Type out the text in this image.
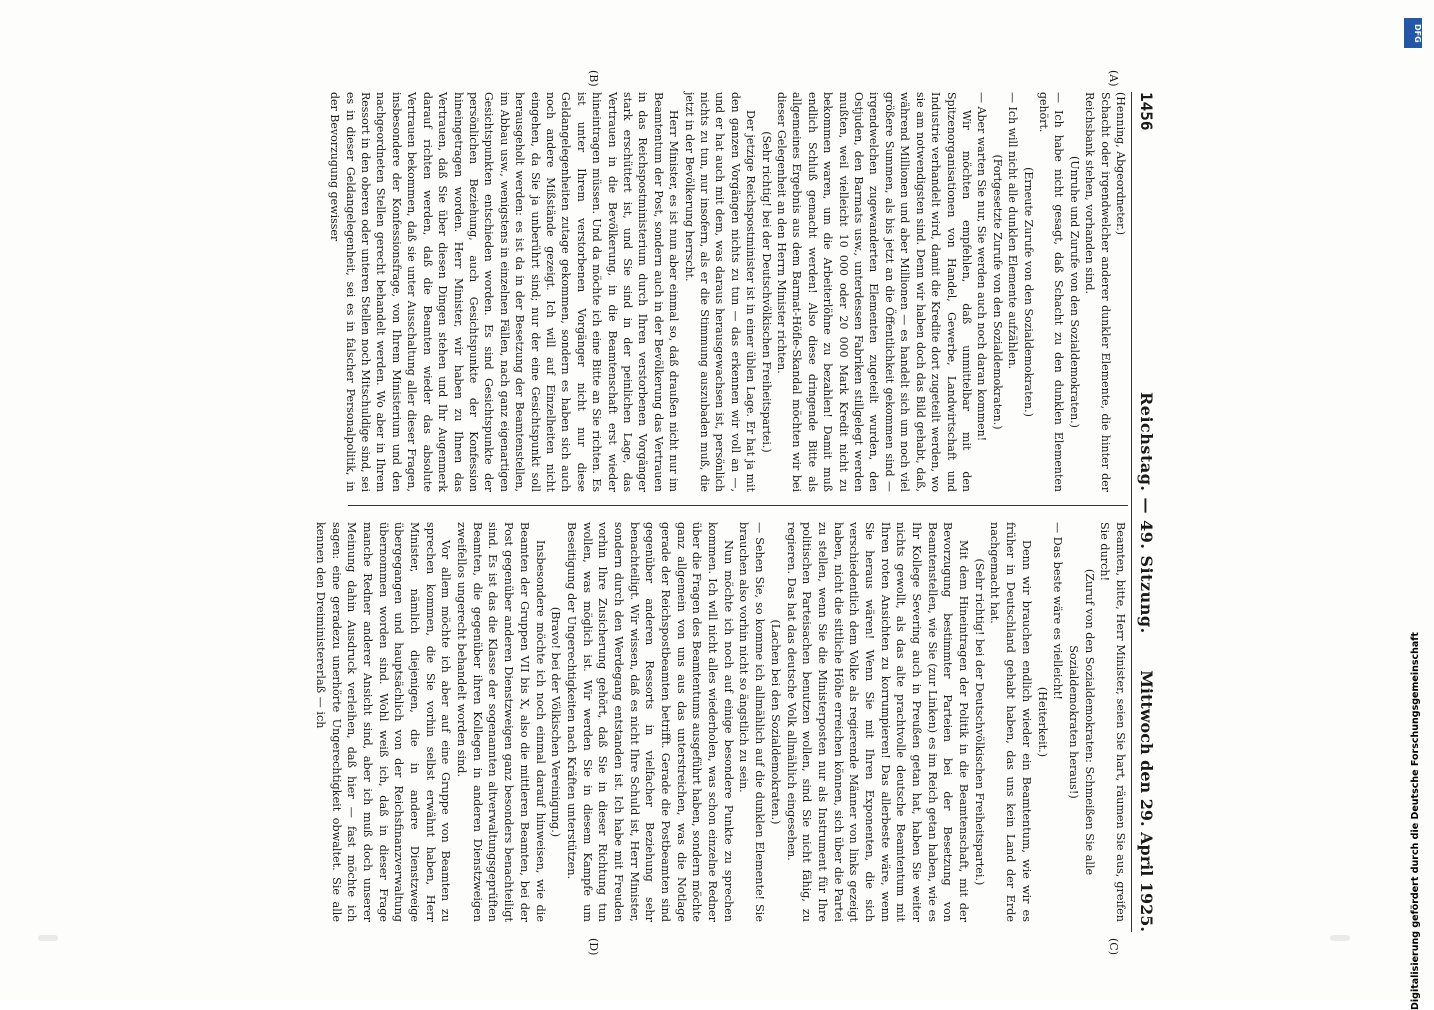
1456
Reichstag. — 49. Sitzung.
Mittwoch den 29. April 1925.
(A)
(B)
(C)
(D)

(Henning, Abgeordneter.)

Schacht oder irgendwelcher anderer dunkler Elemente, die hinter der Reichsbank stehen, vorhanden sind.

(Unruhe und Zurufe von den Sozialdemokraten.)

— Ich habe nicht gesagt, daß Schacht zu den dunklen Elementen gehört.

(Erneute Zurufe von den Sozialdemokraten.)

— Ich will nicht alle dunklen Elemente aufzählen.

(Fortgesetzte Zurufe von den Sozialdemokraten.)

— Aber warten Sie nur, Sie werden auch noch daran kommen!

Wir möchten empfehlen, daß unmittelbar mit den Spitzenorganisationen von Handel, Gewerbe, Landwirtschaft und Industrie verhandelt wird, damit die Kredite dort zugeteilt werden, wo sie am notwendigsten sind. Denn wir haben doch das Bild gehabt, daß, während Millionen und aber Millionen — es handelt sich um noch viel größere Summen, als bis jetzt an die Öffentlichkeit gekommen sind — irgendwelchen zugewanderten Elementen zugeteilt wurden, den Ostjuden, den Barmats usw., unterdessen Fabriken stillgelegt werden mußten, weil vielleicht 10 000 oder 20 000 Mark Kredit nicht zu bekommen waren, um die Arbeiterlöhne zu bezahlen! Damit muß endlich Schluß gemacht werden! Also diese dringende Bitte als allgemeines Ergebnis aus dem Barmat-Höfle-Skandal möchten wir bei dieser Gelegenheit an den Herrn Minister richten.

(Sehr richtig! bei der Deutschvölkischen Freiheitspartei.)

Der jetzige Reichspostminister ist in einer üblen Lage. Er hat ja mit den ganzen Vorgängen nichts zu tun — das erkennen wir voll an —, und er hat auch mit dem, was daraus herausgewachsen ist, persönlich nichts zu tun, nur insofern, als er die Stimmung auszubaden muß, die jetzt in der Bevölkerung herrscht.

Herr Minister, es ist nun aber einmal so, daß draußen nicht nur im Beamtentum der Post, sondern auch in der Bevölkerung das Vertrauen in das Reichspostministerium durch Ihren verstorbenen Vorgänger stark erschüttert ist, und Sie sind in der peinlichen Lage, das Vertrauen in die Bevölkerung, in die Beamtenschaft erst wieder hineintragen müssen. Und da möchte ich eine Bitte an Sie richten. Es ist unter Ihrem verstorbenen Vorgänger nicht nur diese Geldangelegenheiten zutage gekommen, sondern es haben sich auch noch andere Mißstände gezeigt. Ich will auf Einzelheiten nicht eingehen, da Sie ja unberührt sind; nur der eine Gesichtspunkt soll herausgeholt werden: es ist da in der Besetzung der Beamtenstellen, im Abbau usw., wenigstens in einzelnen Fällen, nach ganz eigenartigen Gesichtspunkten entschieden worden. Es sind Gesichtspunkte der persönlichen Beziehung, auch Gesichtspunkte der Konfession hineingetragen worden. Herr Minister, wir haben zu Ihnen das Vertrauen, daß Sie über diesen Dingen stehen und Ihr Augenmerk darauf richten werden, daß die Beamten wieder das absolute Vertrauen bekommen, daß sie unter Ausschaltung aller dieser Fragen, insbesondere der Konfessionsfrage, von Ihrem Ministerium und den nachgeordneten Stellen gerecht behandelt werden. Wo aber in Ihrem Ressort in den oberen oder unteren Stellen noch Mitschuldige sind, sei es in dieser Geldangelegenheit, sei es in falscher Personalpolitik, in der Bevorzugung gewisser

Beamten, bitte, Herr Minister, seien Sie hart, räumen Sie aus, greifen Sie durch!

(Zuruf von den Sozialdemokraten: Schmeißen Sie alle Sozialdemokraten heraus!)

— Das beste wäre es vielleicht!

(Heiterkeit.)

Denn wir brauchen endlich wieder ein Beamtentum, wie wir es früher in Deutschland gehabt haben, das uns kein Land der Erde nachgemacht hat.

(Sehr richtig! bei der Deutschvölkischen Freiheitspartei.)

Mit dem Hineintragen der Politik in die Beamtenschaft, mit der Bevorzugung bestimmter Parteien bei der Besetzung von Beamtenstellen, wie Sie (zur Linken) es im Reich getan haben, wie es Ihr Kollege Severing auch in Preußen getan hat, haben Sie weiter nichts gewollt, als das alte prachtvolle deutsche Beamtentum mit Ihren roten Ansichten zu korrumpieren! Das allerbeste wäre, wenn Sie heraus wären! Wenn Sie mit Ihren Exponenten, die sich verschiedentlich dem Volke als regierende Männer von links gezeigt haben, nicht die sittliche Höhe erreichen können, sich über die Partei zu stellen, wenn Sie die Ministerposten nur als Instrument für Ihre politischen Parteisachen benutzen wollen, sind Sie nicht fähig, zu regieren. Das hat das deutsche Volk allmählich eingesehen.

(Lachen bei den Sozialdemokraten.)

— Sehen Sie, so komme ich allmählich auf die dunklen Elemente! Sie brauchen also vorhin nicht so ängstlich zu sein.

Nun möchte ich noch auf einige besondere Punkte zu sprechen kommen. Ich will nicht alles wiederholen, was schon einzelne Redner über die Fragen des Beamtentums ausgeführt haben, sondern möchte ganz allgemein von uns aus das unterstreichen, was die Notlage gerade der Reichspostbeamten betrifft. Gerade die Postbeamten sind gegenüber anderen Ressorts in vielfacher Beziehung sehr benachteiligt. Wir wissen, daß es nicht Ihre Schuld ist, Herr Minister, sondern durch den Werdegang entstanden ist. Ich habe mit Freuden vorhin Ihre Zusicherung gehört, daß Sie in dieser Richtung tun wollen, was möglich ist. Wir werden Sie in diesem Kampfe um Beseitigung der Ungerechtigkeiten nach Kräften unterstützen.

(Bravo! bei der Völkischen Vereinigung.)

Insbesondere möchte ich noch einmal darauf hinweisen, wie die Beamten der Gruppen VII bis X, also die mittleren Beamten, bei der Post gegenüber anderen Dienstzweigen ganz besonders benachteiligt sind. Es ist das die Klasse der sogenannten altverwaltungsgeprüften Beamten, die gegenüber ihren Kollegen in anderen Dienstzweigen zweifellos ungerecht behandelt worden sind.

Vor allem möchte ich aber auf eine Gruppe von Beamten zu sprechen kommen, die Sie vorhin selbst erwähnt haben, Herr Minister, nämlich diejenigen, die in andere Dienstzweige übergegangen und hauptsächlich von der Reichsfinanzverwaltung übernommen worden sind. Wohl weiß ich, daß in dieser Frage manche Redner anderer Ansicht sind, aber ich muß doch unserer Meinung dahin Ausdruck verleihen, daß hier — fast möchte ich sagen: eine geradezu unerhörte Ungerechtigkeit obwaltet. Sie alle kennen den Dreiministererlaß — ich

DFG
Digitalisierung gefördert durch die Deutsche Forschungsgemeinschaft
